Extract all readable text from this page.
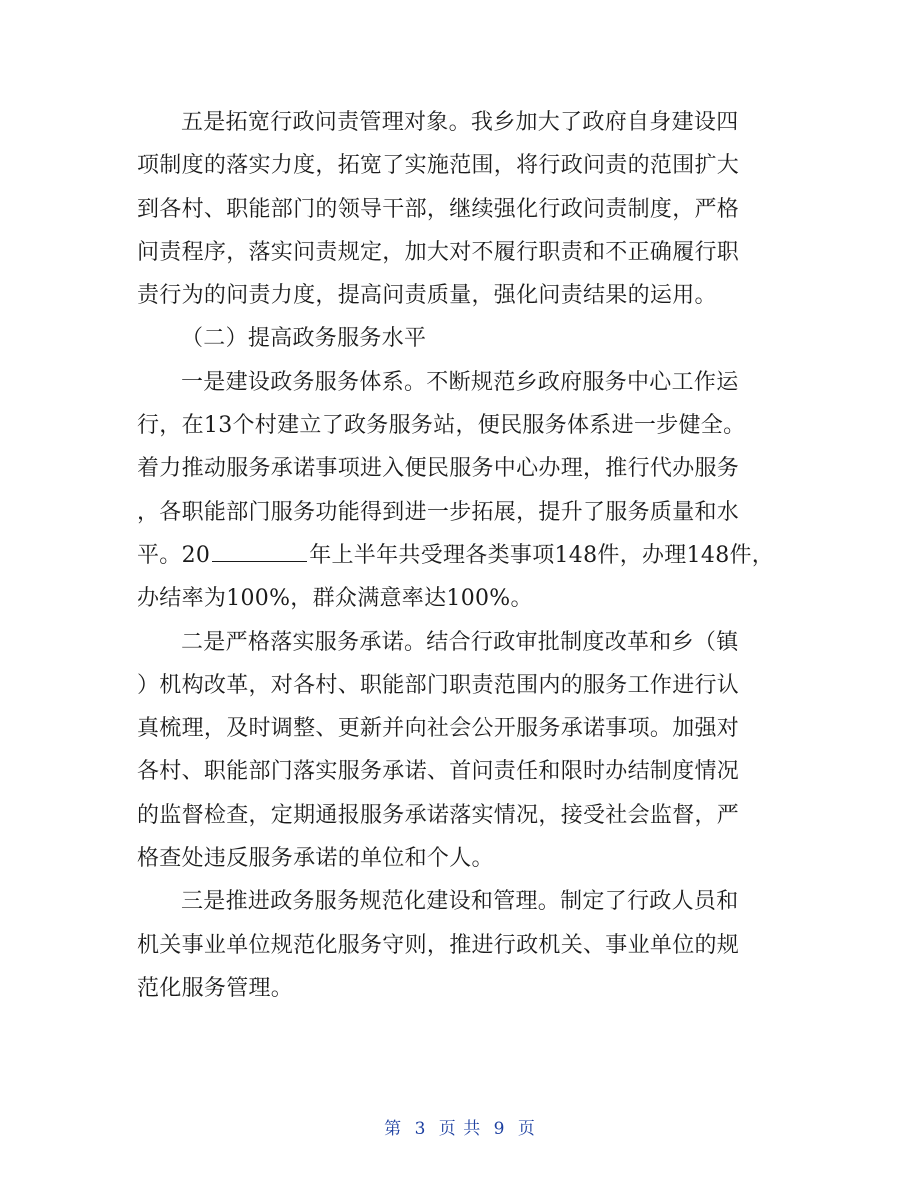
五是拓宽行政问责管理对象。我乡加大了政府自身建设四
项制度的落实力度，拓宽了实施范围，将行政问责的范围扩大
到各村、职能部门的领导干部，继续强化行政问责制度，严格
问责程序，落实问责规定，加大对不履行职责和不正确履行职
责行为的问责力度，提高问责质量，强化问责结果的运用。

（二）提高政务服务水平

一是建设政务服务体系。不断规范乡政府服务中心工作运
行，在13个村建立了政务服务站，便民服务体系进一步健全。
着力推动服务承诺事项进入便民服务中心办理，推行代办服务
，各职能部门服务功能得到进一步拓展，提升了服务质量和水
平。20	年上半年共受理各类事项148件，办理148件，
办结率为100%，群众满意率达100%。

二是严格落实服务承诺。结合行政审批制度改革和乡（镇
）机构改革，对各村、职能部门职责范围内的服务工作进行认
真梳理，及时调整、更新并向社会公开服务承诺事项。加强对
各村、职能部门落实服务承诺、首问责任和限时办结制度情况
的监督检查，定期通报服务承诺落实情况，接受社会监督，严
格查处违反服务承诺的单位和个人。

三是推进政务服务规范化建设和管理。制定了行政人员和
机关事业单位规范化服务守则，推进行政机关、事业单位的规
范化服务管理。

第 3 页 共 9 页
